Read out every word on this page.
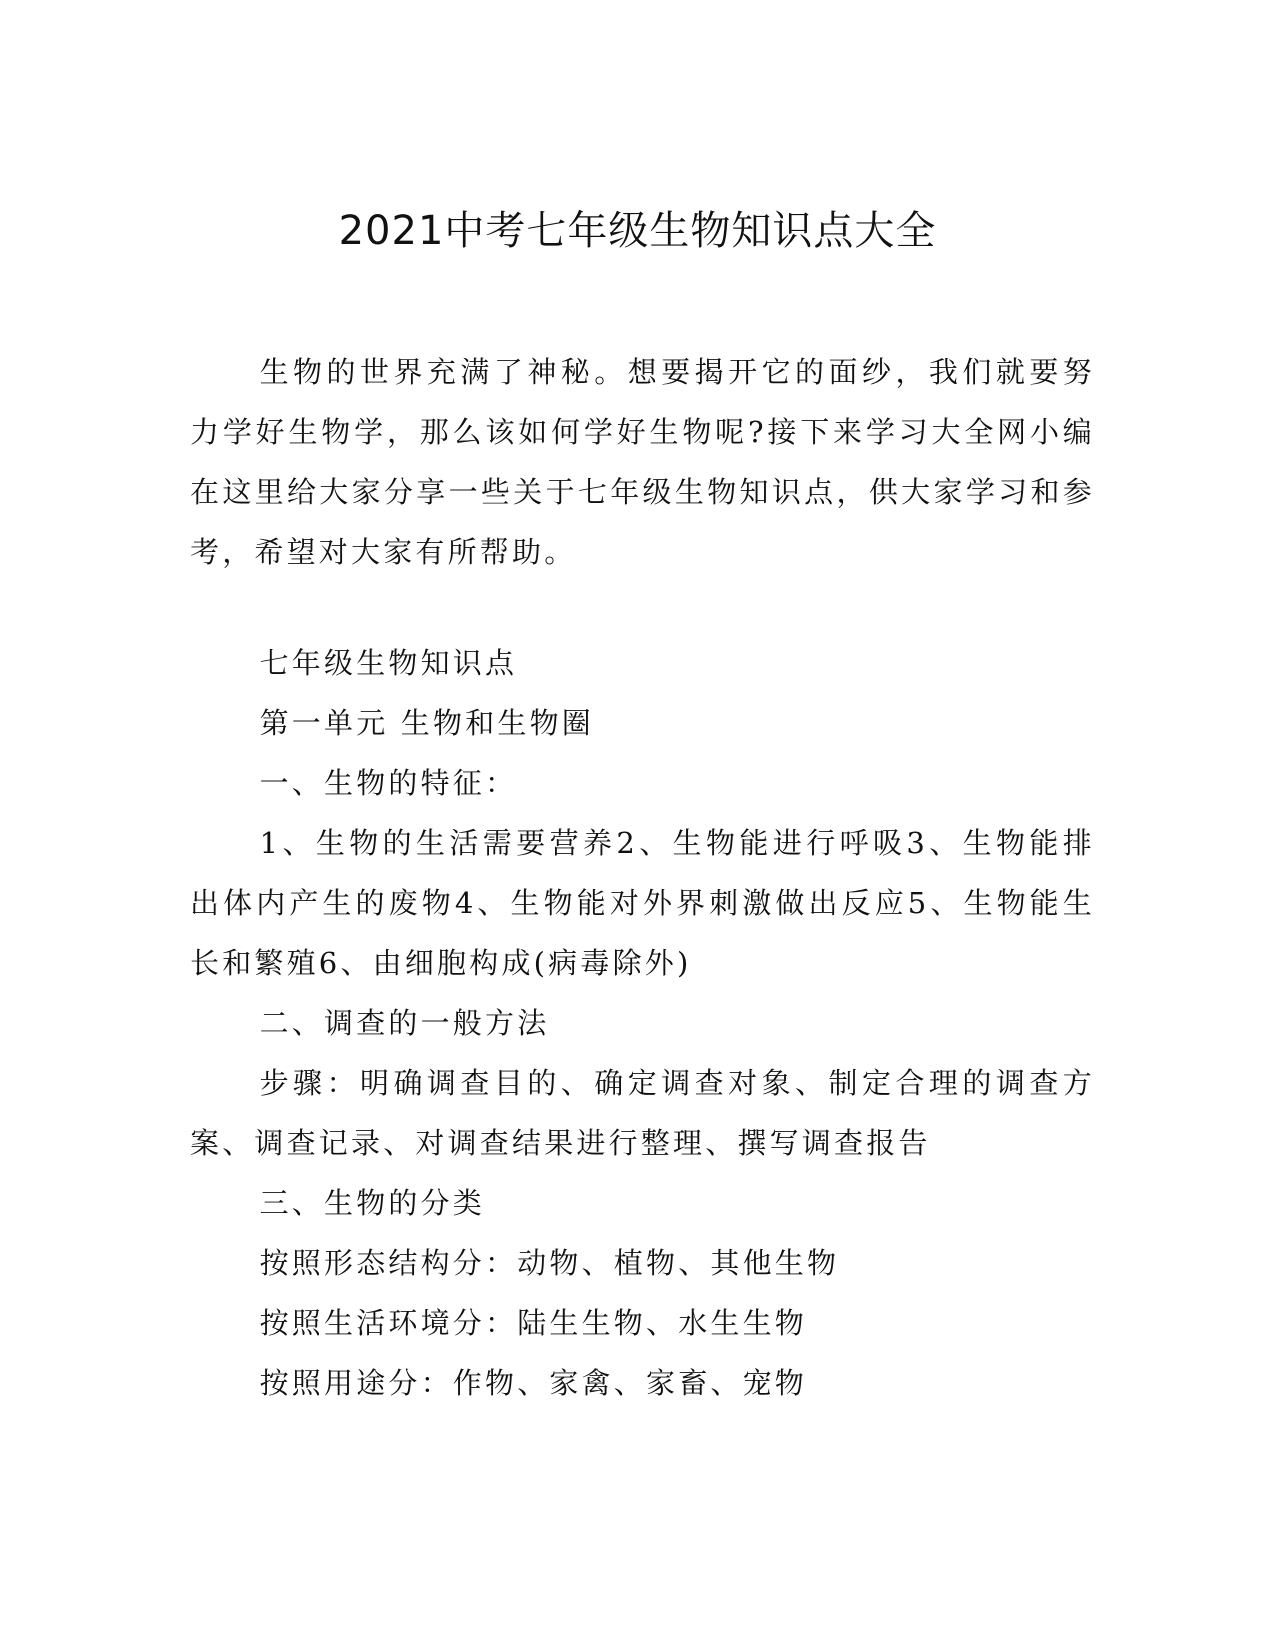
2021中考七年级生物知识点大全

生物的世界充满了神秘。想要揭开它的面纱，我们就要努力学好生物学，那么该如何学好生物呢?接下来学习大全网小编在这里给大家分享一些关于七年级生物知识点，供大家学习和参考，希望对大家有所帮助。

七年级生物知识点

第一单元 生物和生物圈

一、生物的特征：

1、生物的生活需要营养2、生物能进行呼吸3、生物能排出体内产生的废物4、生物能对外界刺激做出反应5、生物能生长和繁殖6、由细胞构成(病毒除外)

二、调查的一般方法

步骤：明确调查目的、确定调查对象、制定合理的调查方案、调查记录、对调查结果进行整理、撰写调查报告

三、生物的分类

按照形态结构分：动物、植物、其他生物

按照生活环境分：陆生生物、水生生物

按照用途分：作物、家禽、家畜、宠物
